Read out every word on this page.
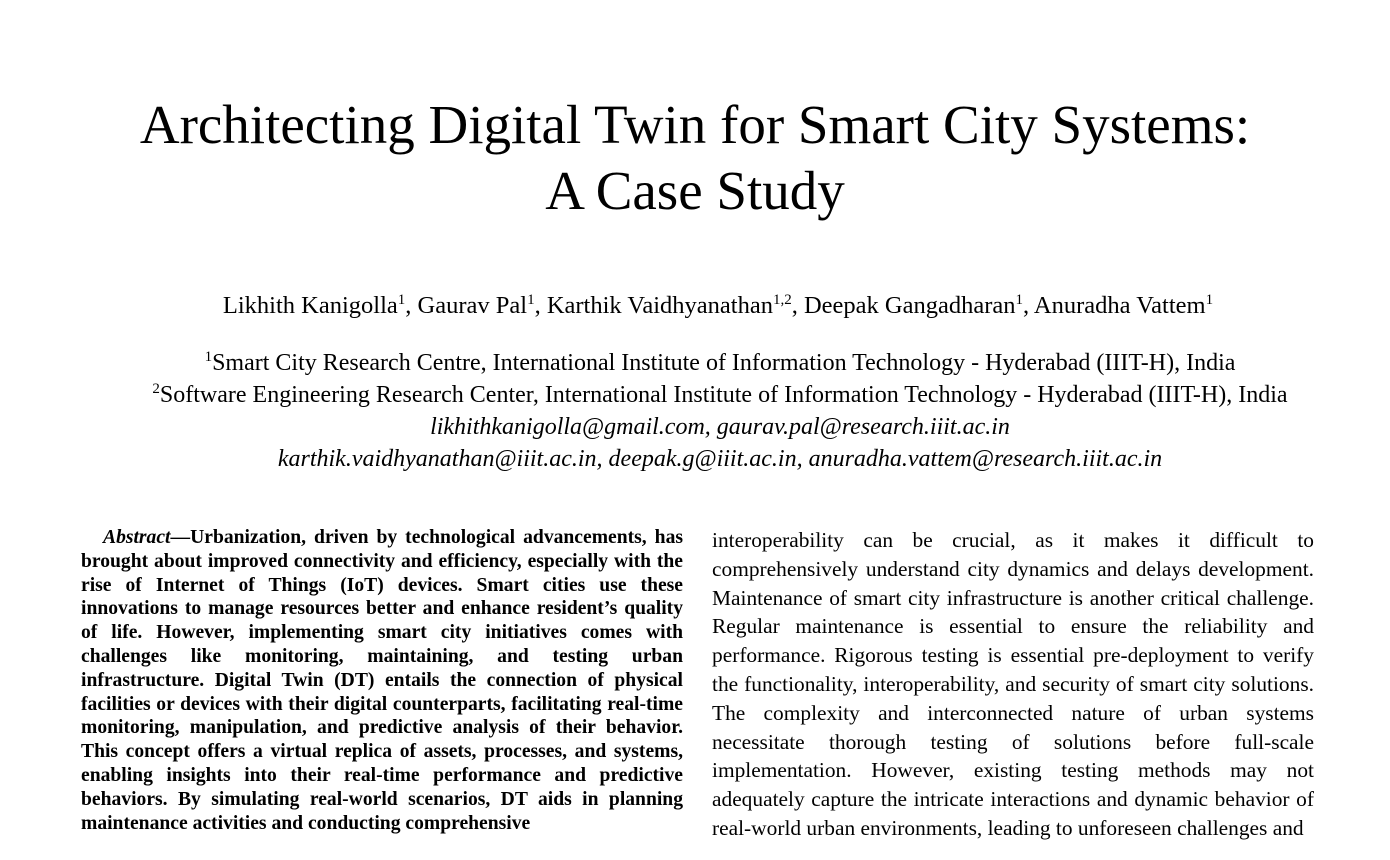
Architecting Digital Twin for Smart City Systems:
A Case Study
Likhith Kanigolla$^1$, Gaurav Pal$^1$, Karthik Vaidhyanathan$^{1,2}$, Deepak Gangadharan$^1$, Anuradha Vattem$^1$
$^1$Smart City Research Centre, International Institute of Information Technology - Hyderabad (IIIT-H), India
$^2$Software Engineering Research Center, International Institute of Information Technology - Hyderabad (IIIT-H), India
likhithkanigolla@gmail.com, gaurav.pal@research.iiit.ac.in
karthik.vaidhyanathan@iiit.ac.in, deepak.g@iiit.ac.in, anuradha.vattem@research.iiit.ac.in

Abstract—Urbanization, driven by technological advancements, has brought about improved connectivity and efficiency, especially with the rise of Internet of Things (IoT) devices. Smart cities use these innovations to manage resources better and enhance resident’s quality of life. However, implementing smart city initiatives comes with challenges like monitoring, maintaining, and testing urban infrastructure. Digital Twin (DT) entails the connection of physical facilities or devices with their digital counterparts, facilitating real-time monitoring, manipulation, and predictive analysis of their behavior. This concept offers a virtual replica of assets, processes, and systems, enabling insights into their real-time performance and predictive behaviors. By simulating real-world scenarios, DT aids in planning maintenance activities and conducting comprehensive

interoperability can be crucial, as it makes it difficult to comprehensively understand city dynamics and delays development. Maintenance of smart city infrastructure is another critical challenge. Regular maintenance is essential to ensure the reliability and performance. Rigorous testing is essential pre-deployment to verify the functionality, interoperability, and security of smart city solutions. The complexity and interconnected nature of urban systems necessitate thorough testing of solutions before full-scale implementation. However, existing testing methods may not adequately capture the intricate interactions and dynamic behavior of real-world urban environments, leading to unforeseen challenges and
